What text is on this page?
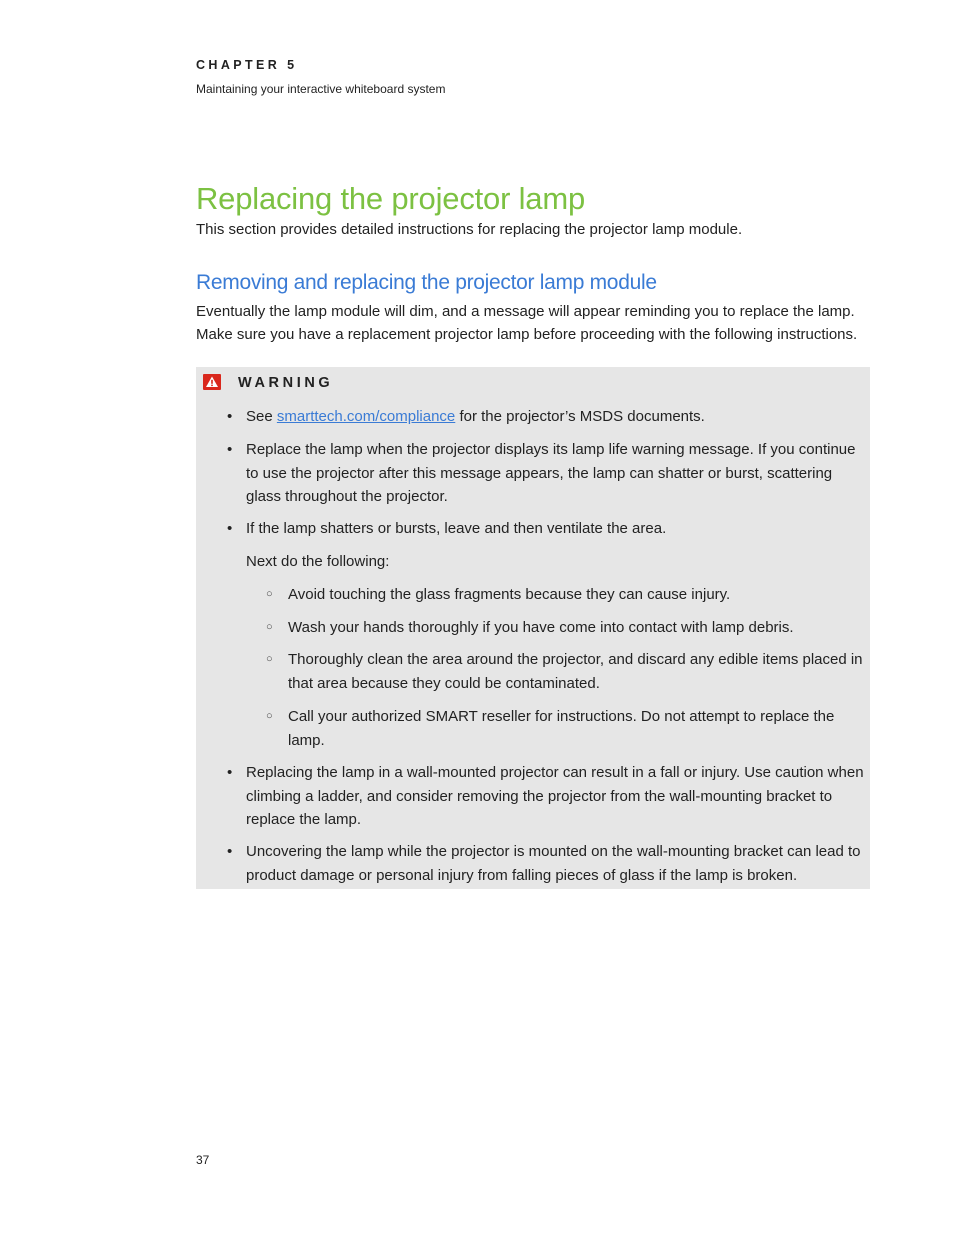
CHAPTER 5
Maintaining your interactive whiteboard system
Replacing the projector lamp

This section provides detailed instructions for replacing the projector lamp module.

Removing and replacing the projector lamp module

Eventually the lamp module will dim, and a message will appear reminding you to replace the lamp. Make sure you have a replacement projector lamp before proceeding with the following instructions.

WARNING
• See smarttech.com/compliance for the projector’s MSDS documents.
• Replace the lamp when the projector displays its lamp life warning message. If you continue to use the projector after this message appears, the lamp can shatter or burst, scattering glass throughout the projector.
• If the lamp shatters or bursts, leave and then ventilate the area.
Next do the following:
○ Avoid touching the glass fragments because they can cause injury.
○ Wash your hands thoroughly if you have come into contact with lamp debris.
○ Thoroughly clean the area around the projector, and discard any edible items placed in that area because they could be contaminated.
○ Call your authorized SMART reseller for instructions. Do not attempt to replace the lamp.
• Replacing the lamp in a wall-mounted projector can result in a fall or injury. Use caution when climbing a ladder, and consider removing the projector from the wall-mounting bracket to replace the lamp.
• Uncovering the lamp while the projector is mounted on the wall-mounting bracket can lead to product damage or personal injury from falling pieces of glass if the lamp is broken.
37
